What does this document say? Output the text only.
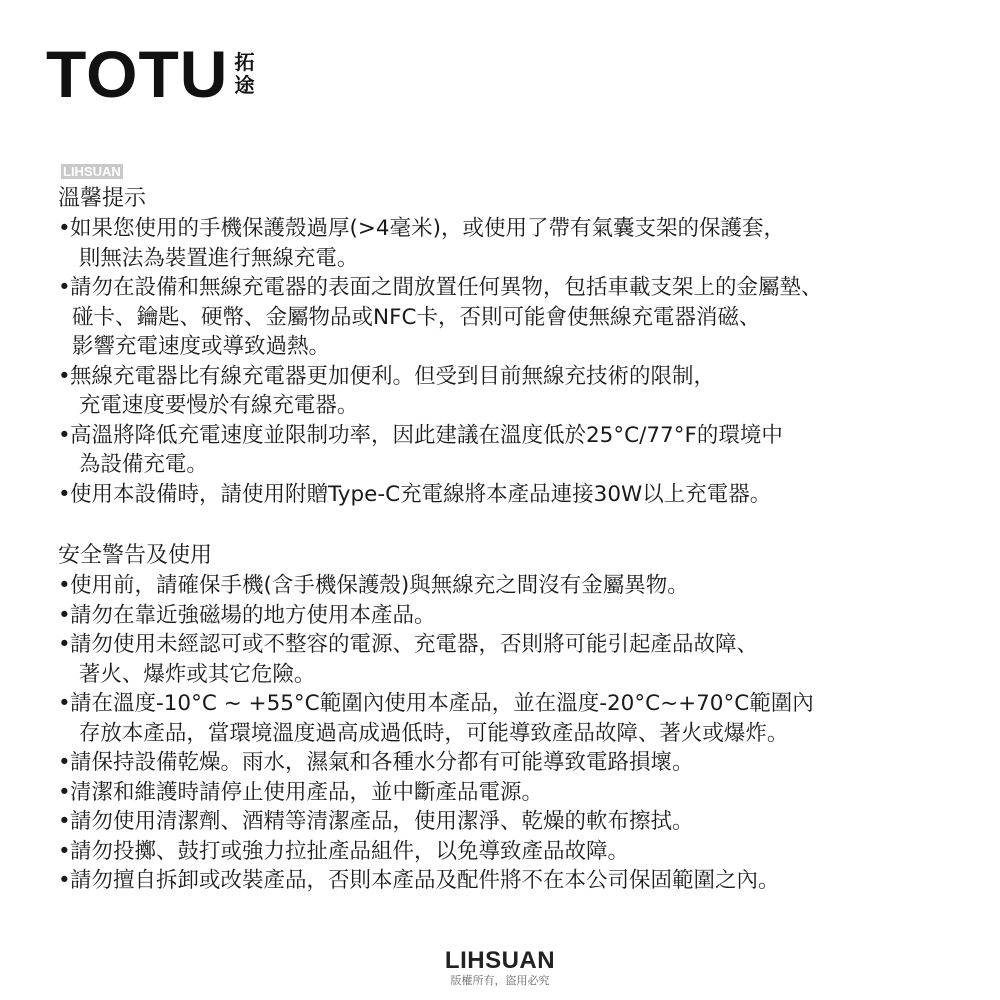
TOTU 拓
途
LIHSUAN
溫馨提示
• 如果您使用的手機保護殼過厚(>4毫米)，或使用了帶有氣囊支架的保護套，
則無法為裝置進行無線充電。
• 請勿在設備和無線充電器的表面之間放置任何異物，包括車載支架上的金屬墊、
碰卡、鑰匙、硬幣、金屬物品或NFC卡，否則可能會使無線充電器消磁、
影響充電速度或導致過熱。
• 無線充電器比有線充電器更加便利。但受到目前無線充技術的限制，
充電速度要慢於有線充電器。
• 高溫將降低充電速度並限制功率，因此建議在溫度低於25°C/77°F的環境中
為設備充電。
• 使用本設備時，請使用附贈Type-C充電線將本產品連接30W以上充電器。
安全警告及使用
• 使用前，請確保手機(含手機保護殼)與無線充之間沒有金屬異物。
• 請勿在靠近強磁場的地方使用本產品。
• 請勿使用未經認可或不整容的電源、充電器，否則將可能引起產品故障、
著火、爆炸或其它危險。
• 請在溫度-10°C ~ +55°C範圍內使用本產品，並在溫度-20°C~+70°C範圍內
存放本產品，當環境溫度過高成過低時，可能導致產品故障、著火或爆炸。
• 請保持設備乾燥。雨水，濕氣和各種水分都有可能導致電路損壞。
• 清潔和維護時請停止使用產品，並中斷產品電源。
• 請勿使用清潔劑、酒精等清潔產品，使用潔淨、乾燥的軟布擦拭。
• 請勿投擲、鼓打或強力拉扯產品組件，以免導致產品故障。
• 請勿擅自拆卸或改裝產品，否則本產品及配件將不在本公司保固範圍之內。
LIHSUAN
版權所有，盜用必究
